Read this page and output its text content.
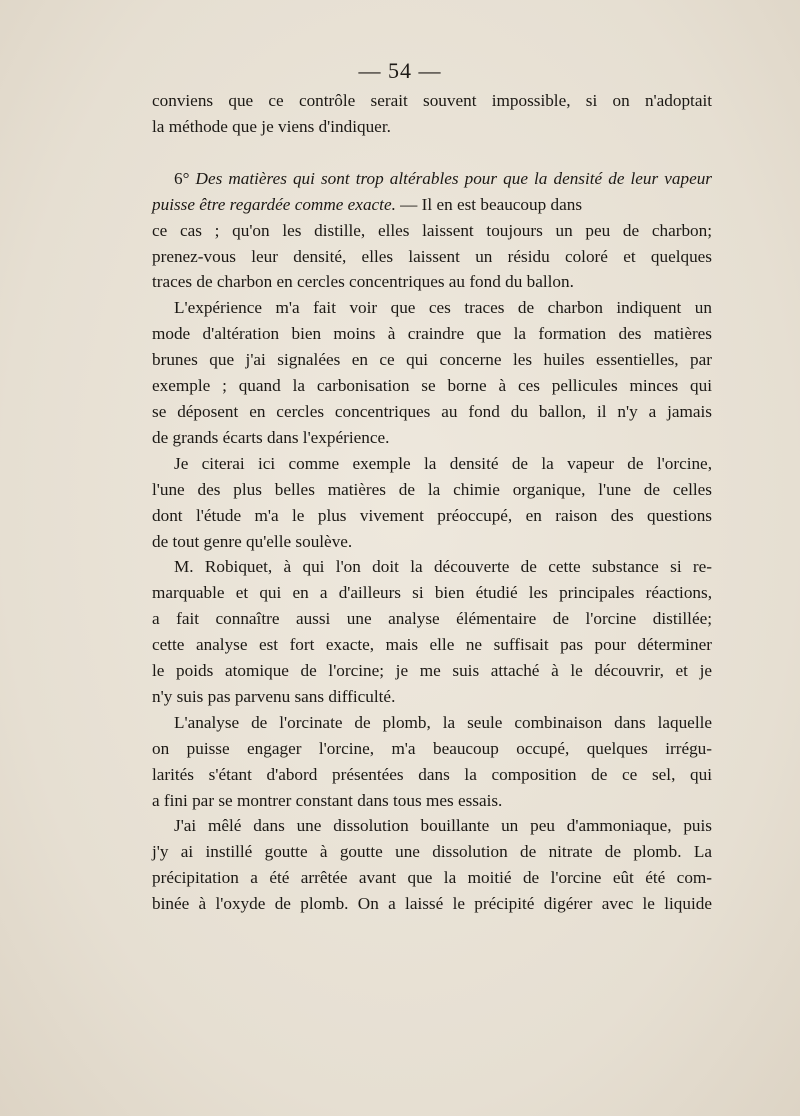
— 54 —

conviens que ce contrôle serait souvent impossible, si on n'adoptait
la méthode que je viens d'indiquer.

6° Des matières qui sont trop altérables pour que la densité de leur vapeur puisse être regardée comme exacte. — Il en est beaucoup dans
ce cas ; qu'on les distille, elles laissent toujours un peu de charbon;
prenez-vous leur densité, elles laissent un résidu coloré et quelques
traces de charbon en cercles concentriques au fond du ballon.

L'expérience m'a fait voir que ces traces de charbon indiquent un
mode d'altération bien moins à craindre que la formation des matières
brunes que j'ai signalées en ce qui concerne les huiles essentielles, par
exemple ; quand la carbonisation se borne à ces pellicules minces qui
se déposent en cercles concentriques au fond du ballon, il n'y a jamais
de grands écarts dans l'expérience.

Je citerai ici comme exemple la densité de la vapeur de l'orcine,
l'une des plus belles matières de la chimie organique, l'une de celles
dont l'étude m'a le plus vivement préoccupé, en raison des questions
de tout genre qu'elle soulève.

M. Robiquet, à qui l'on doit la découverte de cette substance si re-
marquable et qui en a d'ailleurs si bien étudié les principales réactions,
a fait connaître aussi une analyse élémentaire de l'orcine distillée;
cette analyse est fort exacte, mais elle ne suffisait pas pour déterminer
le poids atomique de l'orcine; je me suis attaché à le découvrir, et je
n'y suis pas parvenu sans difficulté.

L'analyse de l'orcinate de plomb, la seule combinaison dans laquelle
on puisse engager l'orcine, m'a beaucoup occupé, quelques irrégu-
larités s'étant d'abord présentées dans la composition de ce sel, qui
a fini par se montrer constant dans tous mes essais.

J'ai mêlé dans une dissolution bouillante un peu d'ammoniaque, puis
j'y ai instillé goutte à goutte une dissolution de nitrate de plomb. La
précipitation a été arrêtée avant que la moitié de l'orcine eût été com-
binée à l'oxyde de plomb. On a laissé le précipité digérer avec le liquide
